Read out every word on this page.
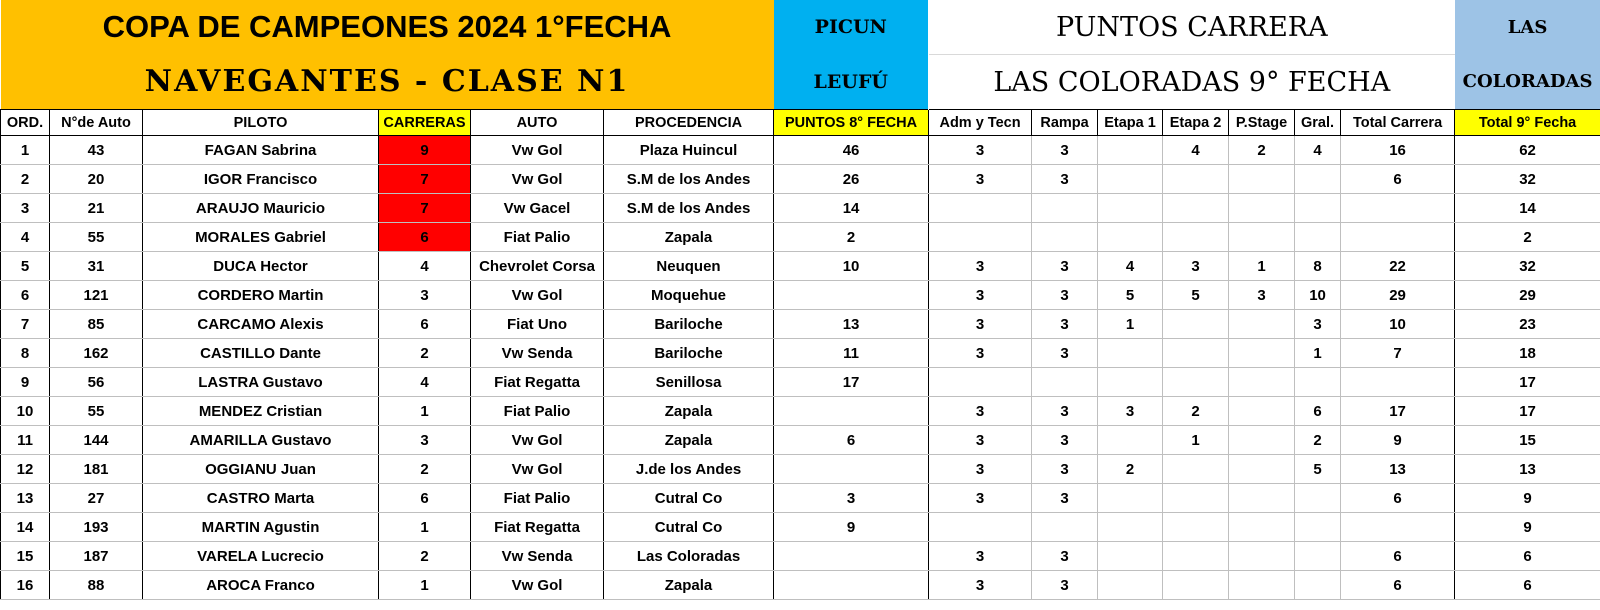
COPA DE CAMPEONES 2024 1°FECHA						PICUN	PUNTOS CARRERA							LAS
NAVEGANTES - CLASE N1						LEUFÚ	LAS COLORADAS 9° FECHA							COLORADAS
ORD.	N°de Auto	PILOTO	CARRERAS	AUTO	PROCEDENCIA	PUNTOS 8° FECHA	Adm y Tecn	Rampa	Etapa 1	Etapa 2	P.Stage	Gral.	Total Carrera	Total 9° Fecha
1	43	FAGAN Sabrina	9	Vw Gol	Plaza Huincul	46	3	3		4	2	4	16	62
2	20	IGOR Francisco	7	Vw Gol	S.M de los Andes	26	3	3					6	32
3	21	ARAUJO Mauricio	7	Vw Gacel	S.M de los Andes	14								14
4	55	MORALES Gabriel	6	Fiat Palio	Zapala	2								2
5	31	DUCA Hector	4	Chevrolet Corsa	Neuquen	10	3	3	4	3	1	8	22	32
6	121	CORDERO Martin	3	Vw Gol	Moquehue		3	3	5	5	3	10	29	29
7	85	CARCAMO Alexis	6	Fiat Uno	Bariloche	13	3	3	1			3	10	23
8	162	CASTILLO Dante	2	Vw Senda	Bariloche	11	3	3				1	7	18
9	56	LASTRA Gustavo	4	Fiat Regatta	Senillosa	17								17
10	55	MENDEZ Cristian	1	Fiat Palio	Zapala		3	3	3	2		6	17	17
11	144	AMARILLA Gustavo	3	Vw Gol	Zapala	6	3	3		1		2	9	15
12	181	OGGIANU Juan	2	Vw Gol	J.de los Andes		3	3	2			5	13	13
13	27	CASTRO Marta	6	Fiat Palio	Cutral Co	3	3	3					6	9
14	193	MARTIN Agustin	1	Fiat Regatta	Cutral Co	9								9
15	187	VARELA Lucrecio	2	Vw Senda	Las Coloradas		3	3					6	6
16	88	AROCA Franco	1	Vw Gol	Zapala		3	3					6	6
